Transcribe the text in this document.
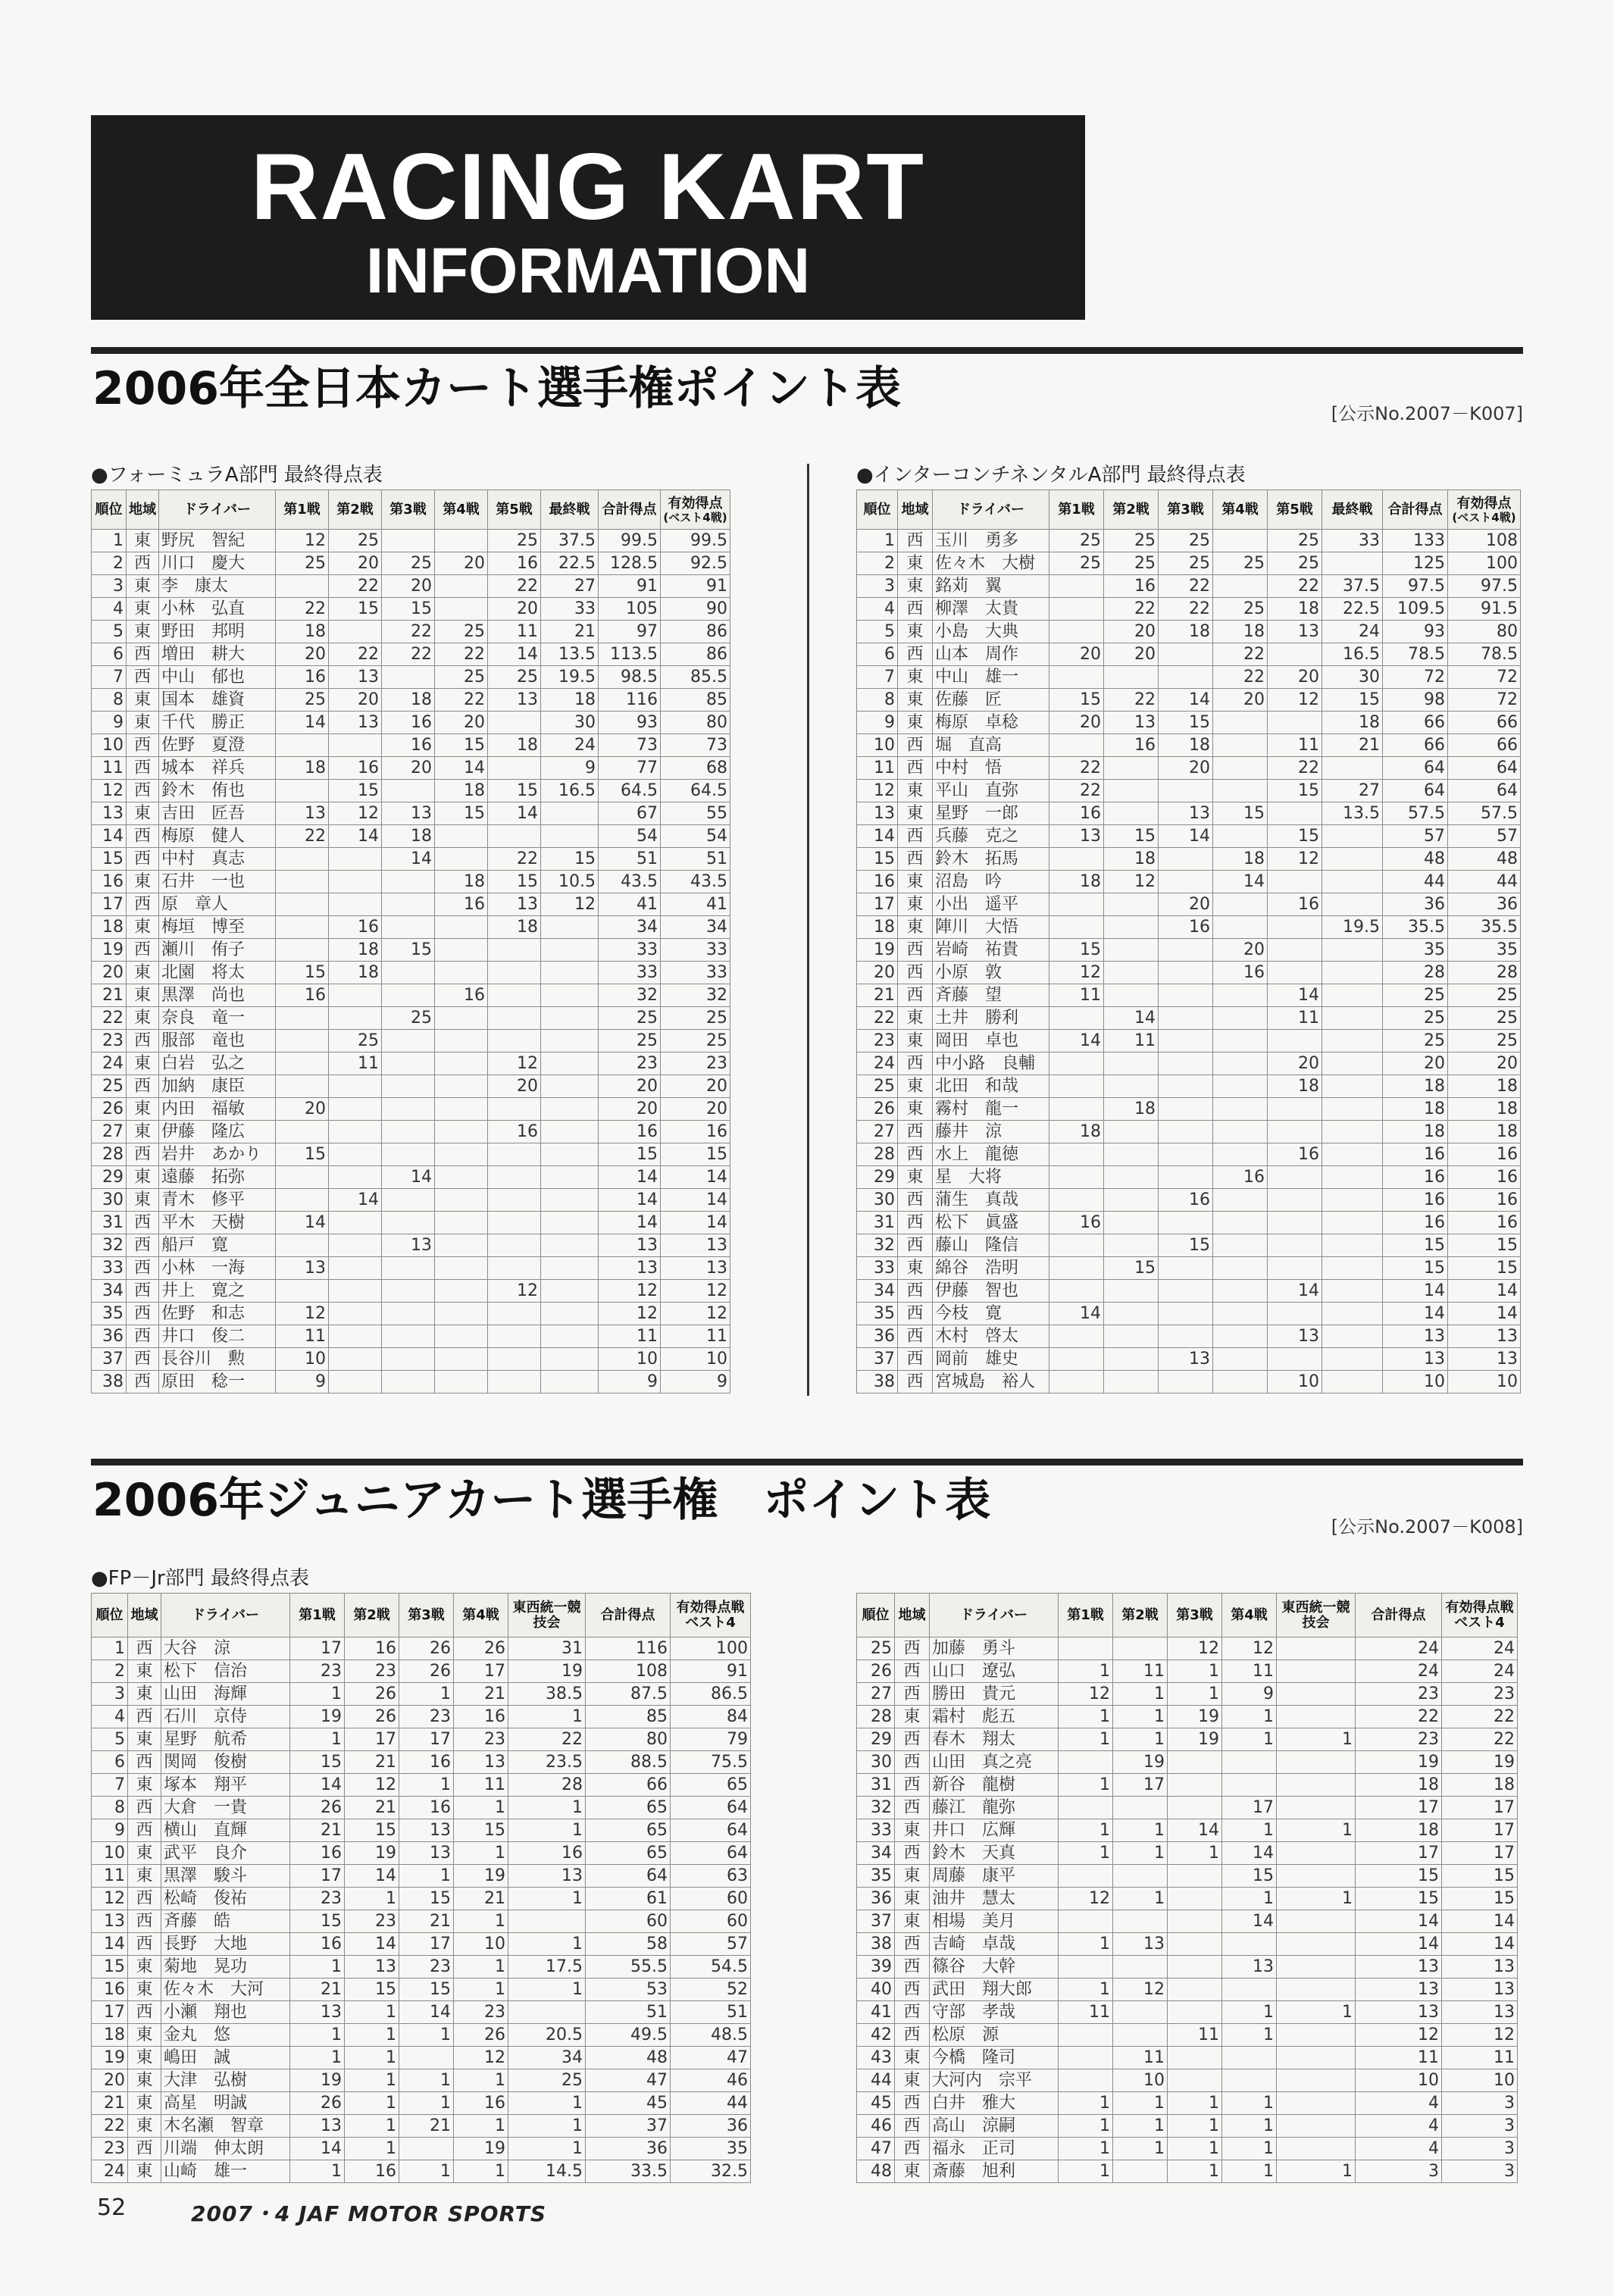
RACING KART
INFORMATION
2006年全日本カート選手権ポイント表	[公示No.2007－K007]
●フォーミュラA部門 最終得点表
順位	地域	ドライバー	第1戦	第2戦	第3戦	第4戦	第5戦	最終戦	合計得点	有効得点
(ベスト4戦)

1	東	野尻　智紀	12	25			25	37.5	99.5	99.5
2	西	川口　慶大	25	20	25	20	16	22.5	128.5	92.5
3	東	李　康太		22	20		22	27	91	91
4	東	小林　弘直	22	15	15		20	33	105	90
5	東	野田　邦明	18		22	25	11	21	97	86
6	西	増田　耕大	20	22	22	22	14	13.5	113.5	86
7	西	中山　郁也	16	13		25	25	19.5	98.5	85.5
8	東	国本　雄資	25	20	18	22	13	18	116	85
9	東	千代　勝正	14	13	16	20		30	93	80
10	西	佐野　夏澄			16	15	18	24	73	73
11	西	城本　祥兵	18	16	20	14		9	77	68
12	西	鈴木　侑也		15		18	15	16.5	64.5	64.5
13	東	吉田　匠吾	13	12	13	15	14		67	55
14	西	梅原　健人	22	14	18				54	54
15	西	中村　真志			14		22	15	51	51
16	東	石井　一也				18	15	10.5	43.5	43.5
17	西	原　章人				16	13	12	41	41
18	東	梅垣　博至		16			18		34	34
19	西	瀬川　侑子		18	15				33	33
20	東	北園　将太	15	18					33	33
21	東	黒澤　尚也	16			16			32	32
22	東	奈良　竜一			25				25	25
23	西	服部　竜也		25					25	25
24	東	白岩　弘之		11			12		23	23
25	西	加納　康臣					20		20	20
26	東	内田　福敏	20						20	20
27	東	伊藤　隆広					16		16	16
28	西	岩井　あかり	15						15	15
29	東	遠藤　拓弥			14				14	14
30	東	青木　修平		14					14	14
31	西	平木　天樹	14						14	14
32	西	船戸　寛			13				13	13
33	西	小林　一海	13						13	13
34	西	井上　寛之					12		12	12
35	西	佐野　和志	12						12	12
36	西	井口　俊二	11						11	11
37	西	長谷川　勲	10						10	10
38	西	原田　稔一	9						9	9
●インターコンチネンタルA部門 最終得点表
順位	地域	ドライバー	第1戦	第2戦	第3戦	第4戦	第5戦	最終戦	合計得点	有効得点
(ベスト4戦)

1	西	玉川　勇多	25	25	25		25	33	133	108
2	東	佐々木　大樹	25	25	25	25	25		125	100
3	東	銘苅　翼		16	22		22	37.5	97.5	97.5
4	西	柳澤　太貴		22	22	25	18	22.5	109.5	91.5
5	東	小島　大典		20	18	18	13	24	93	80
6	西	山本　周作	20	20		22		16.5	78.5	78.5
7	東	中山　雄一				22	20	30	72	72
8	東	佐藤　匠	15	22	14	20	12	15	98	72
9	東	梅原　卓稔	20	13	15			18	66	66
10	西	堀　直高		16	18		11	21	66	66
11	西	中村　悟	22		20		22		64	64
12	東	平山　直弥	22				15	27	64	64
13	東	星野　一郎	16		13	15		13.5	57.5	57.5
14	西	兵藤　克之	13	15	14		15		57	57
15	西	鈴木　拓馬		18		18	12		48	48
16	東	沼島　吟	18	12		14			44	44
17	東	小出　遥平			20		16		36	36
18	東	陣川　大悟			16			19.5	35.5	35.5
19	西	岩崎　祐貴	15			20			35	35
20	西	小原　敦	12			16			28	28
21	西	斉藤　望	11				14		25	25
22	東	土井　勝利		14			11		25	25
23	東	岡田　卓也	14	11					25	25
24	西	中小路　良輔					20		20	20
25	東	北田　和哉					18		18	18
26	東	霧村　龍一		18					18	18
27	西	藤井　涼	18						18	18
28	西	水上　龍徳					16		16	16
29	東	星　大将				16			16	16
30	西	蒲生　真哉			16				16	16
31	西	松下　眞盛	16						16	16
32	西	藤山　隆信			15				15	15
33	東	綿谷　浩明		15					15	15
34	西	伊藤　智也					14		14	14
35	西	今枝　寛	14						14	14
36	西	木村　啓太					13		13	13
37	西	岡前　雄史			13				13	13
38	西	宮城島　裕人					10		10	10
2006年ジュニアカート選手権　ポイント表	[公示No.2007－K008]
●FP－Jr部門 最終得点表
順位	地域	ドライバー	第1戦	第2戦	第3戦	第4戦	東西統一競技会	合計得点	有効得点戦ベスト4
1	西	大谷　涼	17	16	26	26	31	116	100
2	東	松下　信治	23	23	26	17	19	108	91
3	東	山田　海輝	1	26	1	21	38.5	87.5	86.5
4	西	石川　京侍	19	26	23	16	1	85	84
5	東	星野　航希	1	17	17	23	22	80	79
6	西	関岡　俊樹	15	21	16	13	23.5	88.5	75.5
7	東	塚本　翔平	14	12	1	11	28	66	65
8	西	大倉　一貴	26	21	16	1	1	65	64
9	西	横山　直輝	21	15	13	15	1	65	64
10	東	武平　良介	16	19	13	1	16	65	64
11	東	黒澤　駿斗	17	14	1	19	13	64	63
12	西	松崎　俊祐	23	1	15	21	1	61	60
13	西	斉藤　皓	15	23	21	1		60	60
14	西	長野　大地	16	14	17	10	1	58	57
15	東	菊地　晃功	1	13	23	1	17.5	55.5	54.5
16	東	佐々木　大河	21	15	15	1	1	53	52
17	西	小瀬　翔也	13	1	14	23		51	51
18	東	金丸　悠	1	1	1	26	20.5	49.5	48.5
19	東	嶋田　誠	1	1		12	34	48	47
20	東	大津　弘樹	19	1	1	1	25	47	46
21	東	高星　明誠	26	1	1	16	1	45	44
22	東	木名瀬　智章	13	1	21	1	1	37	36
23	西	川端　伸太朗	14	1		19	1	36	35
24	東	山崎　雄一	1	16	1	1	14.5	33.5	32.5
順位	地域	ドライバー	第1戦	第2戦	第3戦	第4戦	東西統一競技会	合計得点	有効得点戦ベスト4
25	西	加藤　勇斗			12	12		24	24
26	西	山口　遼弘	1	11	1	11		24	24
27	西	勝田　貴元	12	1	1	9		23	23
28	東	霜村　彪五	1	1	19	1		22	22
29	西	春木　翔太	1	1	19	1	1	23	22
30	西	山田　真之亮		19				19	19
31	西	新谷　龍樹	1	17				18	18
32	西	藤江　龍弥				17		17	17
33	東	井口　広輝	1	1	14	1	1	18	17
34	西	鈴木　天真	1	1	1	14		17	17
35	東	周藤　康平				15		15	15
36	東	油井　慧太	12	1		1	1	15	15
37	東	相場　美月				14		14	14
38	西	吉崎　卓哉	1	13				14	14
39	西	篠谷　大幹				13		13	13
40	西	武田　翔大郎	1	12				13	13
41	西	守部　孝哉	11			1	1	13	13
42	西	松原　源			11	1		12	12
43	東	今橋　隆司		11				11	11
44	東	大河内　宗平		10				10	10
45	西	白井　雅大	1	1	1	1		4	3
46	西	高山　涼嗣	1	1	1	1		4	3
47	西	福永　正司	1	1	1	1		4	3
48	東	斎藤　旭利	1		1	1	1	3	3
52	2007・4 JAF MOTOR SPORTS
